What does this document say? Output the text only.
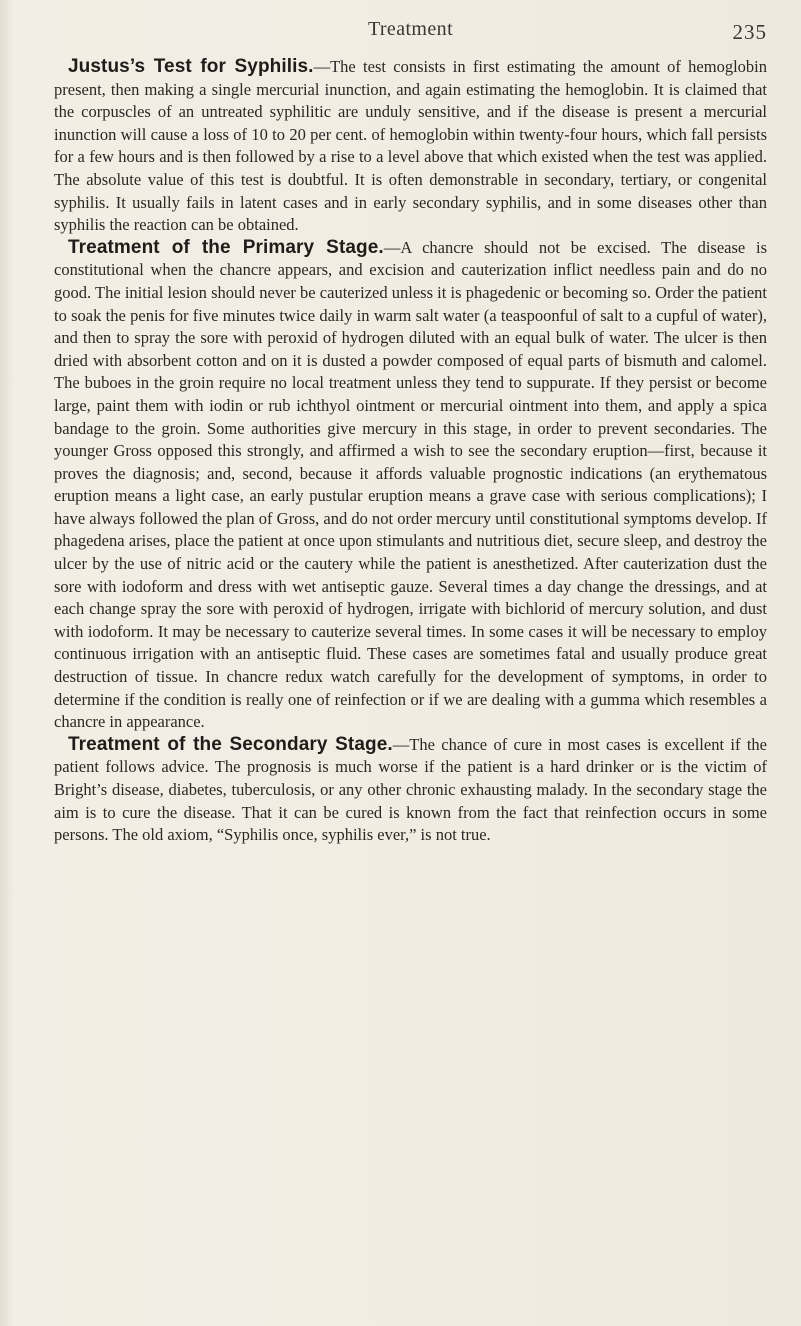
Treatment	235

Justus’s Test for Syphilis.—The test consists in first estimating the amount of hemoglobin present, then making a single mercurial inunction, and again estimating the hemoglobin. It is claimed that the corpuscles of an untreated syphilitic are unduly sensitive, and if the disease is present a mercurial inunction will cause a loss of 10 to 20 per cent. of hemoglobin within twenty-four hours, which fall persists for a few hours and is then followed by a rise to a level above that which existed when the test was applied. The absolute value of this test is doubtful. It is often demonstrable in secondary, tertiary, or congenital syphilis. It usually fails in latent cases and in early secondary syphilis, and in some diseases other than syphilis the reaction can be obtained.

Treatment of the Primary Stage.—A chancre should not be excised. The disease is constitutional when the chancre appears, and excision and cauterization inflict needless pain and do no good. The initial lesion should never be cauterized unless it is phagedenic or becoming so. Order the patient to soak the penis for five minutes twice daily in warm salt water (a teaspoonful of salt to a cupful of water), and then to spray the sore with peroxid of hydrogen diluted with an equal bulk of water. The ulcer is then dried with absorbent cotton and on it is dusted a powder composed of equal parts of bismuth and calomel. The buboes in the groin require no local treatment unless they tend to suppurate. If they persist or become large, paint them with iodin or rub ichthyol ointment or mercurial ointment into them, and apply a spica bandage to the groin. Some authorities give mercury in this stage, in order to prevent secondaries. The younger Gross opposed this strongly, and affirmed a wish to see the secondary eruption—first, because it proves the diagnosis; and, second, because it affords valuable prognostic indications (an erythematous eruption means a light case, an early pustular eruption means a grave case with serious complications); I have always followed the plan of Gross, and do not order mercury until constitutional symptoms develop. If phagedena arises, place the patient at once upon stimulants and nutritious diet, secure sleep, and destroy the ulcer by the use of nitric acid or the cautery while the patient is anesthetized. After cauterization dust the sore with iodoform and dress with wet antiseptic gauze. Several times a day change the dressings, and at each change spray the sore with peroxid of hydrogen, irrigate with bichlorid of mercury solution, and dust with iodoform. It may be necessary to cauterize several times. In some cases it will be necessary to employ continuous irrigation with an antiseptic fluid. These cases are sometimes fatal and usually produce great destruction of tissue. In chancre redux watch carefully for the development of symptoms, in order to determine if the condition is really one of reinfection or if we are dealing with a gumma which resembles a chancre in appearance.

Treatment of the Secondary Stage.—The chance of cure in most cases is excellent if the patient follows advice. The prognosis is much worse if the patient is a hard drinker or is the victim of Bright’s disease, diabetes, tuberculosis, or any other chronic exhausting malady. In the secondary stage the aim is to cure the disease. That it can be cured is known from the fact that reinfection occurs in some persons. The old axiom, “Syphilis once, syphilis ever,” is not true.
